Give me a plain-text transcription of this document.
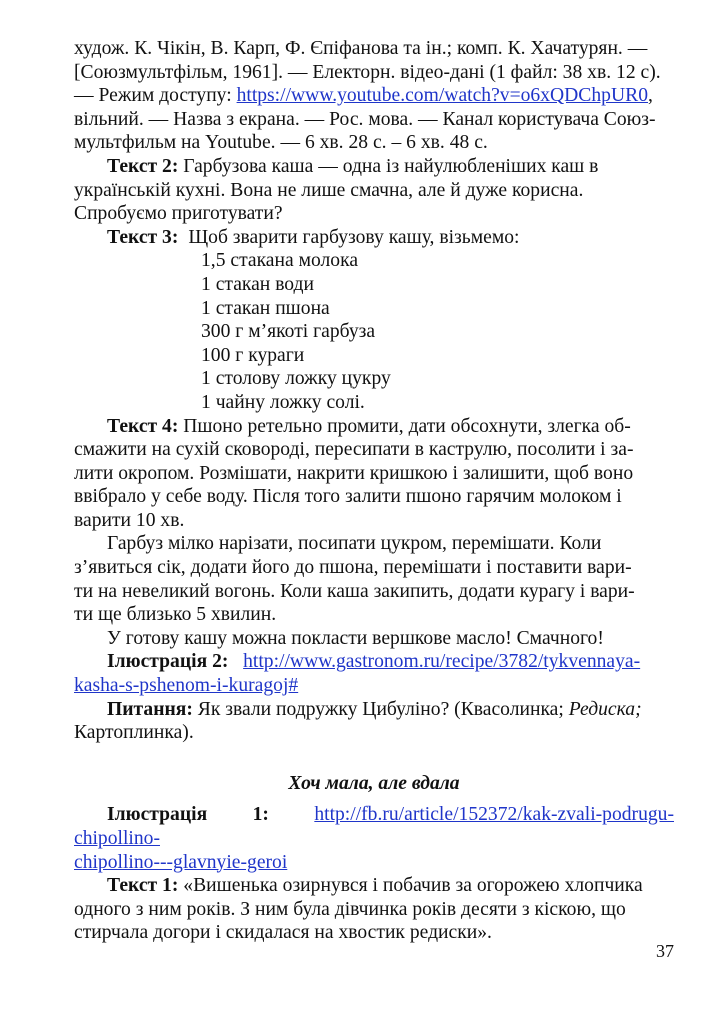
худож. К. Чікін, В. Карп, Ф. Єпіфанова та ін.; комп. К. Хачатурян. —
[Союзмультфільм, 1961]. — Електорн. відео-дані (1 файл: 38 хв. 12 с).
— Режим доступу: https://www.youtube.com/watch?v=o6xQDChpUR0,
вільний. — Назва з екрана. — Рос. мова. — Канал користувача Союз-
мультфильм на Youtube. — 6 хв. 28 с. – 6 хв. 48 с.

Текст 2: Гарбузова каша — одна із найулюбленіших каш в
українській кухні. Вона не лише смачна, але й дуже корисна.
Спробуємо приготувати?

Текст 3: Щоб зварити гарбузову кашу, візьмемо:

1,5 стакана молока
1 стакан води
1 стакан пшона
300 г м’якоті гарбуза
100 г кураги
1 столову ложку цукру
1 чайну ложку солі.

Текст 4: Пшоно ретельно промити, дати обсохнути, злегка об-
смажити на сухій сковороді, пересипати в каструлю, посолити і за-
лити окропом. Розмішати, накрити кришкою і залишити, щоб воно
ввібрало у себе воду. Після того залити пшоно гарячим молоком і
варити 10 хв.

Гарбуз мілко нарізати, посипати цукром, перемішати. Коли
з’явиться сік, додати його до пшона, перемішати і поставити вари-
ти на невеликий вогонь. Коли каша закипить, додати курагу і вари-
ти ще близько 5 хвилин.

У готову кашу можна покласти вершкове масло! Смачного!

Ілюстрація 2: http://www.gastronom.ru/recipe/3782/tykvennaya-
kasha-s-pshenom-i-kuragoj#

Питання: Як звали подружку Цибуліно? (Квасолинка; Редиска;
Картоплинка).

Хоч мала, але вдала

Ілюстрація 1: http://fb.ru/article/152372/kak-zvali-podrugu-chipollino-
chipollino---glavnyie-geroi

Текст 1: «Вишенька озирнувся і побачив за огорожею хлопчика
одного з ним років. З ним була дівчинка років десяти з кіскою, що
стирчала догори і скидалася на хвостик редиски».

37
